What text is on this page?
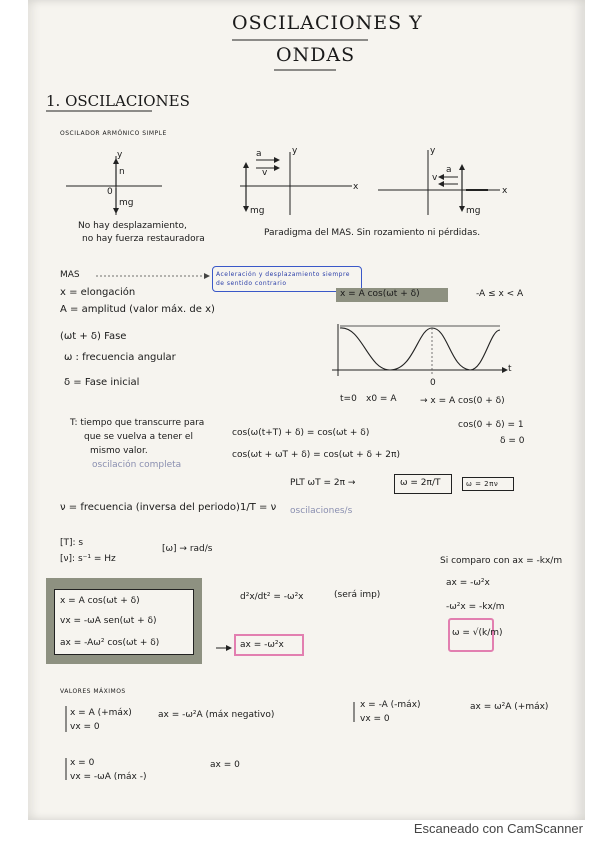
OSCILACIONES Y
ONDAS
1. OSCILACIONES
OSCILADOR ARMÓNICO SIMPLE
y
n
0
mg
y
a
v
x
mg
y
a
v
x
mg
No hay desplazamiento,
no hay fuerza restauradora
Paradigma del MAS. Sin rozamiento ni pérdidas.
MAS	Aceleración y desplazamiento siempre de sentido contrario
x = A cos(ωt + δ)	-A ≤ x < A
x = elongación
A = amplitud (valor máx. de x)
(ωt + δ) Fase
ω : frecuencia angular
δ = Fase inicial	0
t
t=0 x0 = A	→ x = A cos(0 + δ)
cos(0 + δ) = 1
δ = 0
T: tiempo que transcurre para
que se vuelva a tener el
mismo valor.
oscilación completa
cos(ω(t+T) + δ) = cos(ωt + δ)
cos(ωt + ωT + δ) = cos(ωt + δ + 2π)
PLT ωT = 2π →	ω = 2π/T	ω = 2πν
ν = frecuencia (inversa del periodo) 1/T = ν oscilaciones/s
[T]: s
[ν]: s⁻¹ = Hz
[ω] → rad/s
x = A cos(ωt + δ)
vx = -ωA sen(ωt + δ)
ax = -Aω² cos(ωt + δ)
d²x/dt² = -ω²x	(será imp)
ax = -ω²x
Si comparo con ax = -kx/m
ax = -ω²x
-ω²x = -kx/m
ω = √(k/m)
VALORES MÁXIMOS
x = A (+máx)
vx = 0
ax = -ω²A (máx negativo)
x = -A (-máx)
vx = 0
ax = ω²A (+máx)
x = 0
vx = -ωA (máx -)
ax = 0
Escaneado con CamScanner
